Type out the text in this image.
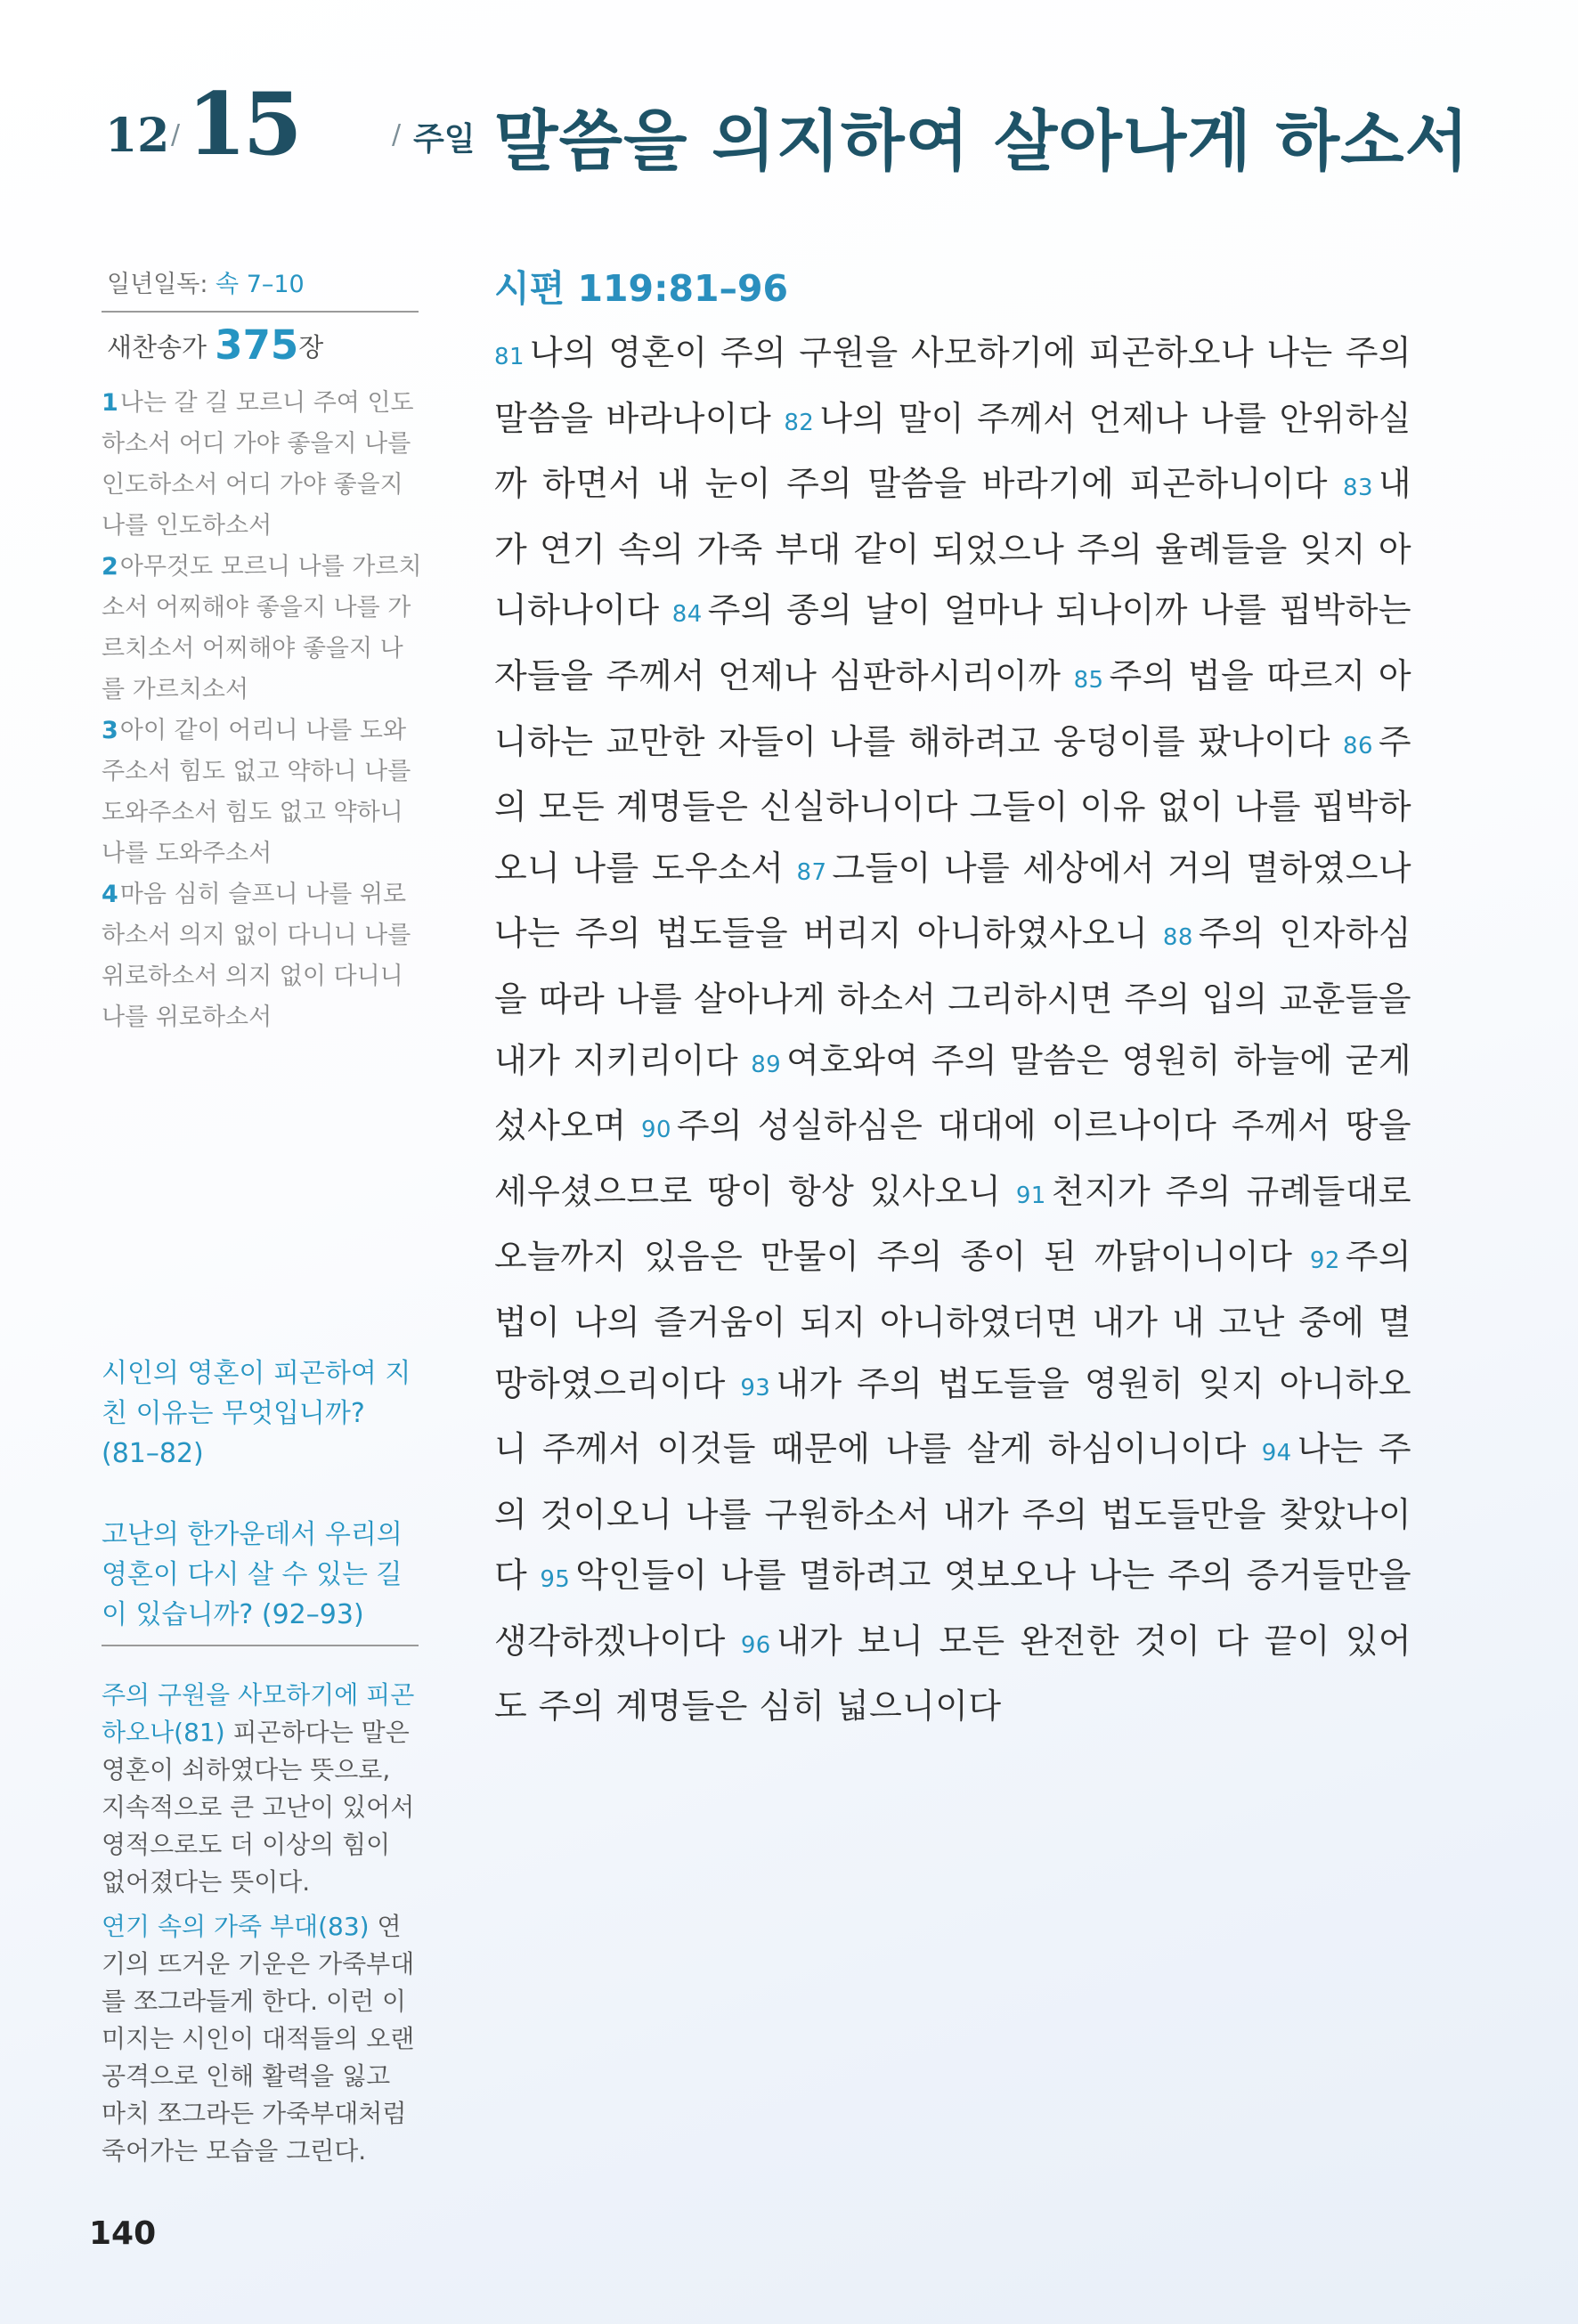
12 / 15	/ 주일 말씀을 의지하여 살아나게 하소서
일년일독: 속 7–10
새찬송가 375장

1나는 갈 길 모르니 주여 인도하소서 어디 가야 좋을지 나를 인도하소서 어디 가야 좋을지 나를 인도하소서

2아무것도 모르니 나를 가르치소서 어찌해야 좋을지 나를 가르치소서 어찌해야 좋을지 나를 가르치소서

3아이 같이 어리니 나를 도와주소서 힘도 없고 약하니 나를 도와주소서 힘도 없고 약하니 나를 도와주소서

4마음 심히 슬프니 나를 위로하소서 의지 없이 다니니 나를 위로하소서 의지 없이 다니니 나를 위로하소서

시인의 영혼이 피곤하여 지친 이유는 무엇입니까? (81–82)

고난의 한가운데서 우리의 영혼이 다시 살 수 있는 길이 있습니까? (92–93)

주의 구원을 사모하기에 피곤하오나(81) 피곤하다는 말은 영혼이 쇠하였다는 뜻으로, 지속적으로 큰 고난이 있어서 영적으로도 더 이상의 힘이 없어졌다는 뜻이다.

연기 속의 가죽 부대(83) 연기의 뜨거운 기운은 가죽부대를 쪼그라들게 한다. 이런 이미지는 시인이 대적들의 오랜 공격으로 인해 활력을 잃고 마치 쪼그라든 가죽부대처럼 죽어가는 모습을 그린다.

140
시편 119:81–96
81 나의 영혼이 주의 구원을 사모하기에 피곤하오나 나는 주의 말씀을 바라나이다 82 나의 말이 주께서 언제나 나를 안위하실까 하면서 내 눈이 주의 말씀을 바라기에 피곤하니이다 83 내가 연기 속의 가죽 부대 같이 되었으나 주의 율례들을 잊지 아니하나이다 84 주의 종의 날이 얼마나 되나이까 나를 핍박하는 자들을 주께서 언제나 심판하시리이까 85 주의 법을 따르지 아니하는 교만한 자들이 나를 해하려고 웅덩이를 팠나이다 86 주의 모든 계명들은 신실하니이다 그들이 이유 없이 나를 핍박하오니 나를 도우소서 87 그들이 나를 세상에서 거의 멸하였으나 나는 주의 법도들을 버리지 아니하였사오니 88 주의 인자하심을 따라 나를 살아나게 하소서 그리하시면 주의 입의 교훈들을 내가 지키리이다 89 여호와여 주의 말씀은 영원히 하늘에 굳게 섰사오며 90 주의 성실하심은 대대에 이르나이다 주께서 땅을 세우셨으므로 땅이 항상 있사오니 91 천지가 주의 규례들대로 오늘까지 있음은 만물이 주의 종이 된 까닭이니이다 92 주의 법이 나의 즐거움이 되지 아니하였더면 내가 내 고난 중에 멸망하였으리이다 93 내가 주의 법도들을 영원히 잊지 아니하오니 주께서 이것들 때문에 나를 살게 하심이니이다 94 나는 주의 것이오니 나를 구원하소서 내가 주의 법도들만을 찾았나이다 95 악인들이 나를 멸하려고 엿보오나 나는 주의 증거들만을 생각하겠나이다 96 내가 보니 모든 완전한 것이 다 끝이 있어도 주의 계명들은 심히 넓으니이다
